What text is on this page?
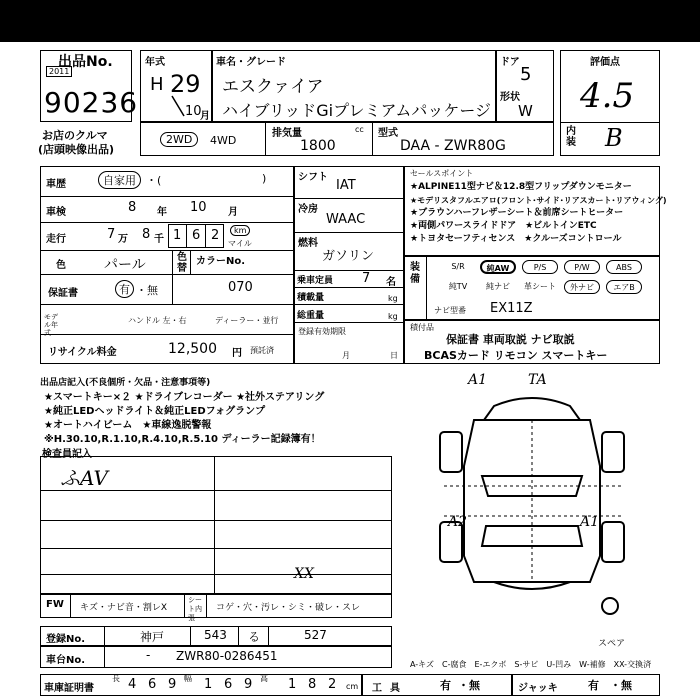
車両引取先:「兵庫県」　車両に関するお問合せ:JU岐阜 058-398-5102
陸送問合せ:US物流 058-397-1066 AS･iAucは落札日の7日後以降にJU岐阜会場から搬出
出品No.
2011
90236
お店のクルマ
(店頭映像出品)
年式
H 29
10
月
車名・グレード
エスクァイア
ハイブリッドGiプレミアムパッケージ
ドア
5
形状
W
評価点
4.5
内装 B
2WD	4WD
排気量	cc
1800
型式
DAA - ZWR80G
車歴	自家用 ・(	)
車検	8 年 10 月
走行	7 万 8 千 1 6 2	km
マイル
色	パール	色替
カラーNo.
070
保証書	有 ・無
モデル年式
ハンドル 左・右	ディーラー・並行
リサイクル料金	12,500 円 預託済
シフト
IAT
冷房
WAAC
燃料
ガソリン
乗車定員 7 名
積載量	kg
総重量	kg
登録有効期限
月	日
セールスポイント
★ALPINE11型ナビ＆12.8型フリップダウンモニター
★モデリスタフルエアロ(フロント･サイド･リアスカート･リアウィング)
★ブラウンハーフレザーシート＆前席シートヒーター
★両側パワースライドドア　★ビルトインETC
★トヨタセーフティセンス　★クルーズコントロール
装備
S/R	純AW	P/S	P/W	ABS
純TV	純ナビ	革シート	外ナビ	エアB
ナビ型番 EX11Z
積付品
保証書 車両取説 ナビ取説
BCASカード リモコン スマートキー
出品店記入(不良個所・欠品・注意事項等)
★スマートキー×２ ★ドライブレコーダー ★社外ステアリング
★純正LEDヘッドライト＆純正LEDフォグランプ
★オートハイビーム　★車線逸脱警報
※H.30.10,R.1.10,R.4.10,R.5.10 ディーラー記録簿有！
検査員記入
ふAV
XX
FW キズ・ナビ音・割レX
シート内張
コゲ・穴・汚レ・シミ・破レ・スレ
A1	TA
A2	A1
スペア
登録No.	神戸	543 る	527
車台No.	- ZWR80-0286451
A-キズ　C-腐食　E-エクボ　S-サビ　U-凹み　W-補修　XX-交換済
車庫証明書
長 4 6 9 幅 1 6 9 高 1 8 2 cm 工具	有 ・無	ジャッキ	有 ・無
